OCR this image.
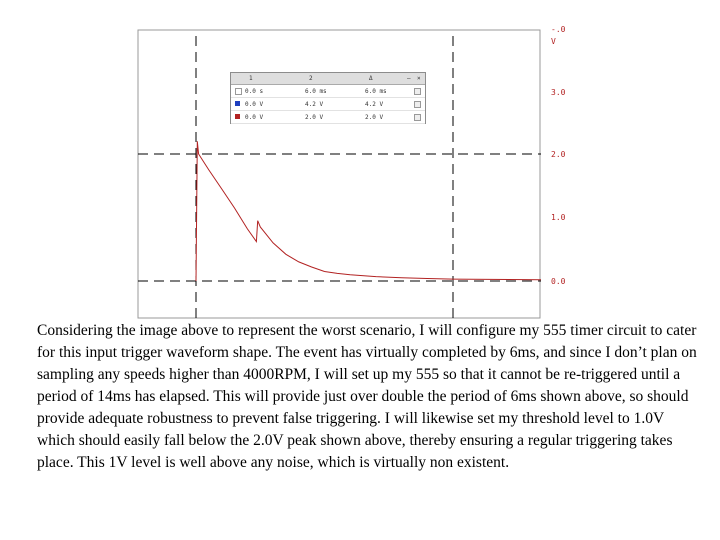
-.0
V
3.0
2.0
1.0
0.0
1	2	Δ	– ×
0.0 s	6.0 ms	6.0 ms
0.0 V	4.2 V	4.2 V
0.0 V	2.0 V	2.0 V
Considering the image above to represent the worst scenario, I will configure my 555 timer circuit to cater for this input trigger waveform shape. The event has virtually completed by 6ms, and since I don’t plan on sampling any speeds higher than 4000RPM, I will set up my 555 so that it cannot be re-triggered until a period of 14ms has elapsed. This will provide just over double the period of 6ms shown above, so should provide adequate robustness to prevent false triggering. I will likewise set my threshold level to 1.0V which should easily fall below the 2.0V peak shown above, thereby ensuring a regular triggering takes place. This 1V level is well above any noise, which is virtually non existent.
